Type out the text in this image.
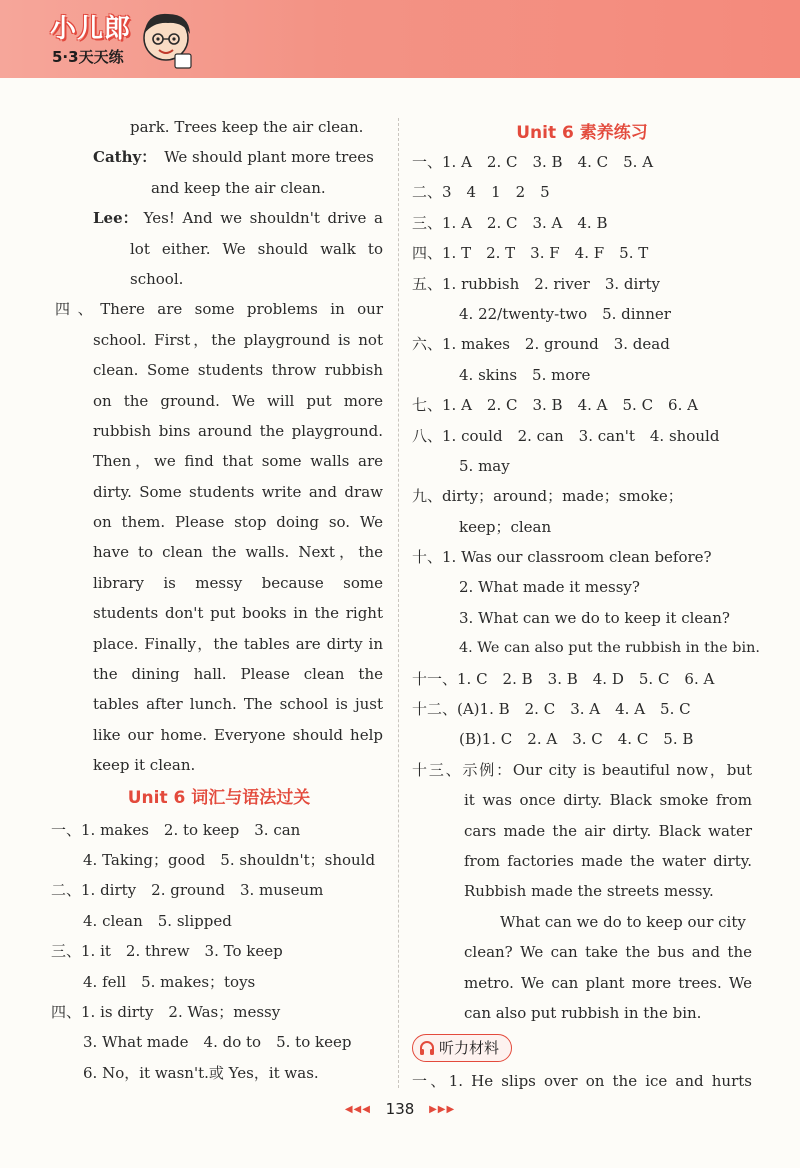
小儿郎
5·3天天练
park. Trees keep the air clean.
Cathy： We should plant more trees
and keep the air clean.
Lee： Yes! And we shouldn't drive a
lot either. We should walk to
school.
四、There are some problems in our
school. First，the playground is not
clean. Some students throw rubbish
on the ground. We will put more
rubbish bins around the playground.
Then，we find that some walls are
dirty. Some students write and draw
on them. Please stop doing so. We
have to clean the walls. Next，the
library is messy because some
students don't put books in the right
place. Finally，the tables are dirty in
the dining hall. Please clean the
tables after lunch. The school is just
like our home. Everyone should help
keep it clean.
Unit 6 词汇与语法过关
一、1. makes　2. to keep　3. can
4. Taking；good　5. shouldn't；should
二、1. dirty　2. ground　3. museum
4. clean　5. slipped
三、1. it　2. threw　3. To keep
4. fell　5. makes；toys
四、1. is dirty　2. Was；messy
3. What made　4. do to　5. to keep
6. No，it wasn't.或 Yes，it was.
Unit 6 素养练习
一、1. A　2. C　3. B　4. C　5. A
二、3　4　1　2　5
三、1. A　2. C　3. A　4. B
四、1. T　2. T　3. F　4. F　5. T
五、1. rubbish　2. river　3. dirty
4. 22/twenty-two　5. dinner
六、1. makes　2. ground　3. dead
4. skins　5. more
七、1. A　2. C　3. B　4. A　5. C　6. A
八、1. could　2. can　3. can't　4. should
5. may
九、dirty；around；made；smoke；
keep；clean
十、1. Was our classroom clean before?
2. What made it messy?
3. What can we do to keep it clean?
4. We can also put the rubbish in the bin.
十一、1. C　2. B　3. B　4. D　5. C　6. A
十二、(A)1. B　2. C　3. A　4. A　5. C
(B)1. C　2. A　3. C　4. C　5. B
十三、示例：Our city is beautiful now，but
it was once dirty. Black smoke from
cars made the air dirty. Black water
from factories made the water dirty.
Rubbish made the streets messy.
What can we do to keep our city
clean? We can take the bus and the
metro. We can plant more trees. We
can also put rubbish in the bin.
听力材料
一、1. He slips over on the ice and hurts
◀◀◀ 138 ▶▶▶
